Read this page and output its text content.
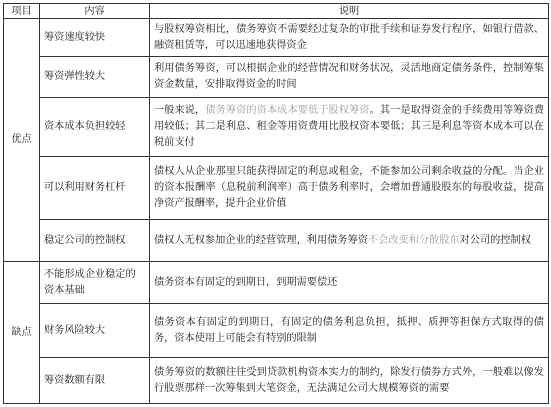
项目	内容	说明
优点	筹资速度较快	与股权筹资相比，债务筹资不需要经过复杂的审批手续和证券发行程序，如银行借款、融资租赁等，可以迅速地获得资金
	筹资弹性较大	利用债务筹资，可以根据企业的经营情况和财务状况，灵活地商定债务条件，控制筹集资金数量，安排取得资金的时间
	资本成本负担较轻	一般来说，债务筹资的资本成本要低于股权筹资。其一是取得资金的手续费用等筹资费用较低；其二是利息、租金等用资费用比股权资本要低；其三是利息等资本成本可以在税前支付
	可以利用财务杠杆	债权人从企业那里只能获得固定的利息或租金，不能参加公司剩余收益的分配。当企业的资本报酬率（息税前利润率）高于债务利率时，会增加普通股股东的每股收益，提高净资产报酬率，提升企业价值
	稳定公司的控制权	债权人无权参加企业的经营管理，利用债务筹资不会改变和分散股东对公司的控制权
缺点	不能形成企业稳定的资本基础	债务资本有固定的到期日，到期需要偿还
	财务风险较大	债务资本有固定的到期日，有固定的债务利息负担，抵押、质押等担保方式取得的债务，资本使用上可能会有特别的限制
	筹资数额有限	债务筹资的数额往往受到贷款机构资本实力的制约，除发行债券方式外，一般难以像发行股票那样一次筹集到大笔资金，无法满足公司大规模筹资的需要
